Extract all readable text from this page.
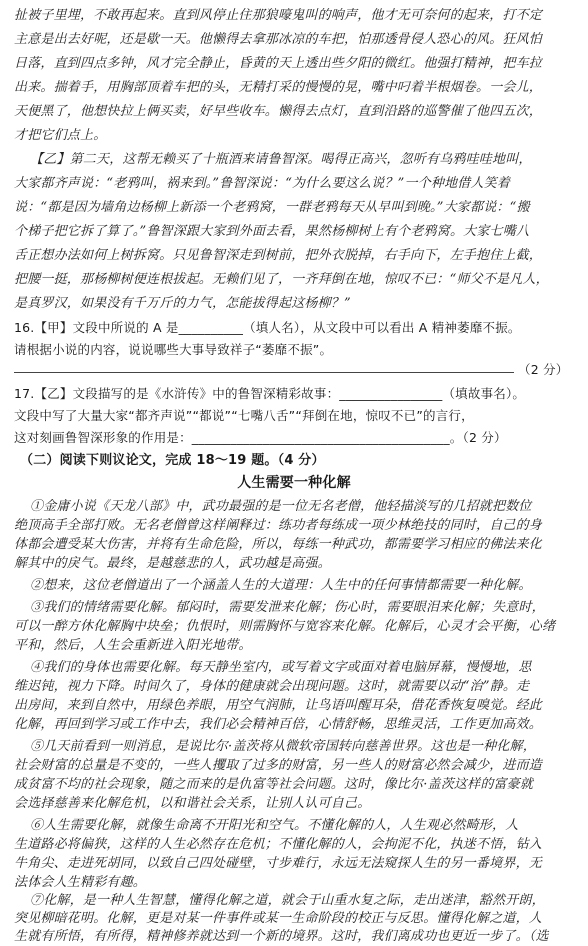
扯被子里埋，不敢再起来。直到风停止住那狼嚎鬼叫的响声，他才无可奈何的起来，打不定
主意是出去好呢，还是歇一天。他懒得去拿那冰凉的车把，怕那透骨侵人恐心的风。狂风怕
日落，直到四点多钟，风才完全静止，昏黄的天上透出些夕阳的微红。他强打精神，把车拉
出来。揣着手，用胸部顶着车把的头，无精打采的慢慢的晃，嘴中叼着半根烟卷。一会儿，
天便黑了，他想快拉上俩买卖，好早些收车。懒得去点灯，直到沿路的巡警催了他四五次，
才把它们点上。
【乙】第二天，这帮无赖买了十瓶酒来请鲁智深。喝得正高兴，忽听有乌鸦哇哇地叫，
大家都齐声说：“老鸦叫，祸来到。”鲁智深说：“为什么要这么说？”一个种地借人笑着
说：“都是因为墙角边杨柳上新添一个老鸦窝，一群老鸦每天从早叫到晚。”大家都说：“搬
个梯子把它拆了算了。”鲁智深跟大家到外面去看，果然杨柳树上有个老鸦窝。大家七嘴八
舌正想办法如何上树拆窝。只见鲁智深走到树前，把外衣脱掉，右手向下，左手抱住上截，
把腰一挺，那杨柳树便连根拔起。无赖们见了，一齐拜倒在地，惊叹不已：“师父不是凡人，
是真罗汉，如果没有千万斤的力气，怎能拔得起这杨柳？”
16.【甲】文段中所说的 A 是__________（填人名），从文段中可以看出 A 精神萎靡不振。
请根据小说的内容，说说哪些大事导致祥子“萎靡不振”。
（2 分）
17.【乙】文段描写的是《水浒传》中的鲁智深精彩故事：________________（填故事名）。
文段中写了大量大家“都齐声说”“都说”“七嘴八舌”“拜倒在地，惊叹不已”的言行，
这对刻画鲁智深形象的作用是：________________________________________。（2 分）
（二）阅读下则议论文，完成 18～19 题。（4 分）
人生需要一种化解
①金庸小说《天龙八部》中，武功最强的是一位无名老僧，他轻描淡写的几招就把数位
绝顶高手全部打败。无名老僧曾这样阐释过：练功者每练成一项少林绝技的同时，自己的身
体都会遭受某大伤害，并将有生命危险，所以，每练一种武功，都需要学习相应的佛法来化
解其中的戾气。最终，是越慈悲的人，武功越是高强。
②想来，这位老僧道出了一个涵盖人生的大道理：人生中的任何事情都需要一种化解。
③我们的情绪需要化解。郁闷时，需要发泄来化解；伤心时，需要眼泪来化解；失意时，
可以一醉方休化解胸中块垒；仇恨时，则需胸怀与宽容来化解。化解后，心灵才会平衡，心绪
平和，然后，人生会重新进入阳光地带。
④我们的身体也需要化解。每天静坐室内，或写着文字或面对着电脑屏幕，慢慢地，思
维迟钝，视力下降。时间久了，身体的健康就会出现问题。这时，就需要以动“治”静。走
出房间，来到自然中，用绿色养眼，用空气润肺，让鸟语叫醒耳朵，借花香恢复嗅觉。经此
化解，再回到学习或工作中去，我们必会精神百倍，心情舒畅，思维灵活，工作更加高效。
⑤几天前看到一则消息，是说比尔·盖茨将从微软帝国转向慈善世界。这也是一种化解，
社会财富的总量是不变的，一些人攫取了过多的财富，另一些人的财富必然会减少，进而造
成贫富不均的社会现象，随之而来的是仇富等社会问题。这时，像比尔·盖茨这样的富豪就
会选择慈善来化解危机，以和谐社会关系，让别人认可自己。
⑥人生需要化解，就像生命离不开阳光和空气。不懂化解的人，人生观必然畸形，人
生道路必将偏狭，这样的人生必然存在危机；不懂化解的人，会拘泥不化，执迷不悟，钻入
牛角尖、走进死胡同，以致自己四处碰壁，寸步难行，永远无法窥探人生的另一番境界，无
法体会人生精彩有趣。
⑦化解，是一种人生智慧，懂得化解之道，就会于山重水复之际，走出迷津，豁然开朗，
突见柳暗花明。化解，更是对某一件事件或某一生命阶段的校正与反思。懂得化解之道，人
生就有所悟，有所得，精神修养就达到一个新的境界。这时，我们离成功也更近一步了。（选
